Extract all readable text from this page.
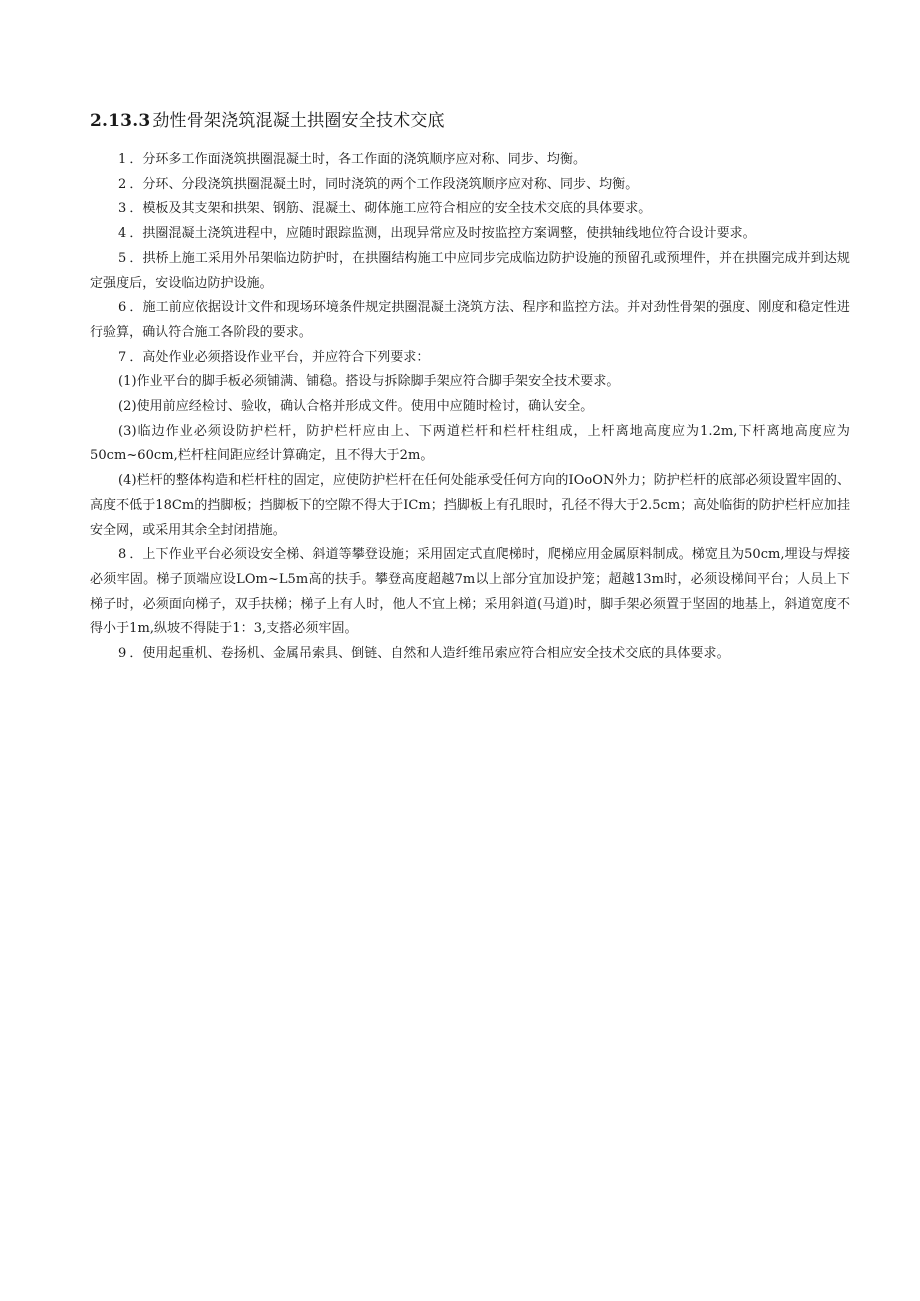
2.13.3 劲性骨架浇筑混凝土拱圈安全技术交底

1 ．分环多工作面浇筑拱圈混凝土时，各工作面的浇筑顺序应对称、同步、均衡。

2 ．分环、分段浇筑拱圈混凝土时，同时浇筑的两个工作段浇筑顺序应对称、同步、均衡。

3 ．模板及其支架和拱架、钢筋、混凝土、砌体施工应符合相应的安全技术交底的具体要求。

4 ．拱圈混凝土浇筑进程中，应随时跟踪监测，出现异常应及时按监控方案调整，使拱轴线地位符合设计要求。

5 ．拱桥上施工采用外吊架临边防护时，在拱圈结构施工中应同步完成临边防护设施的预留孔或预埋件，并在拱圈完成并到达规定强度后，安设临边防护设施。

6 ．施工前应依据设计文件和现场环境条件规定拱圈混凝土浇筑方法、程序和监控方法。并对劲性骨架的强度、刚度和稳定性进行验算，确认符合施工各阶段的要求。

7 ．高处作业必须搭设作业平台，并应符合下列要求：

(1)作业平台的脚手板必须铺满、铺稳。搭设与拆除脚手架应符合脚手架安全技术要求。

(2)使用前应经检讨、验收，确认合格并形成文件。使用中应随时检讨，确认安全。

(3)临边作业必须设防护栏杆，防护栏杆应由上、下两道栏杆和栏杆柱组成，上杆离地高度应为1.2m,下杆离地高度应为50cm~60cm,栏杆柱间距应经计算确定，且不得大于2m。

(4)栏杆的整体构造和栏杆柱的固定，应使防护栏杆在任何处能承受任何方向的IOoON外力；防护栏杆的底部必须设置牢固的、高度不低于18Cm的挡脚板；挡脚板下的空隙不得大于ICm；挡脚板上有孔眼时，孔径不得大于2.5cm；高处临街的防护栏杆应加挂安全网，或采用其余全封闭措施。

8 ．上下作业平台必须设安全梯、斜道等攀登设施；采用固定式直爬梯时，爬梯应用金属原料制成。梯宽且为50cm,埋设与焊接必须牢固。梯子顶端应设LOm~L5m高的扶手。攀登高度超越7m以上部分宜加设护笼；超越13m时，必须设梯间平台；人员上下梯子时，必须面向梯子，双手扶梯；梯子上有人时，他人不宜上梯；采用斜道(马道)时，脚手架必须置于坚固的地基上，斜道宽度不得小于1m,纵坡不得陡于1：3,支搭必须牢固。

9 ．使用起重机、卷扬机、金属吊索具、倒链、自然和人造纤维吊索应符合相应安全技术交底的具体要求。
